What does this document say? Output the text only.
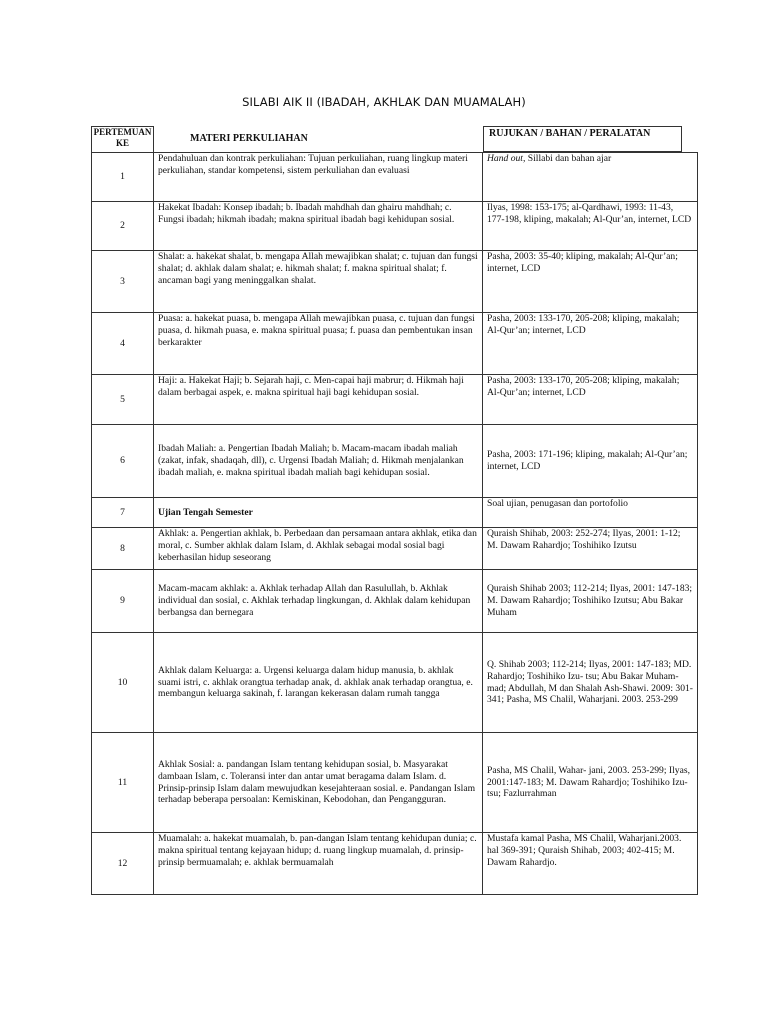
SILABI AIK II (IBADAH, AKHLAK DAN MUAMALAH)
PERTEMUAN KE	MATERI PERKULIAHAN	RUJUKAN / BAHAN / PERALATAN
1	Pendahuluan dan kontrak perkuliahan: Tujuan perkuliahan, ruang lingkup materi perkuliahan, standar kompetensi, sistem perkuliahan dan evaluasi	Hand out, Sillabi dan bahan ajar
2	Hakekat Ibadah: Konsep ibadah; b. Ibadah mahdhah dan ghairu mahdhah; c. Fungsi ibadah; hikmah ibadah; makna spiritual ibadah bagi kehidupan sosial.	Ilyas, 1998: 153-175; al-Qardhawi, 1993: 11-43, 177-198, kliping, makalah; Al-Qur’an, internet, LCD
3	Shalat: a. hakekat shalat, b. mengapa Allah mewajibkan shalat; c. tujuan dan fungsi shalat; d. akhlak dalam shalat; e. hikmah shalat; f. makna spiritual shalat; f. ancaman bagi yang meninggalkan shalat.	Pasha, 2003: 35-40; kliping, makalah; Al-Qur’an; internet, LCD
4	Puasa: a. hakekat puasa, b. mengapa Allah mewajibkan puasa, c. tujuan dan fungsi puasa, d. hikmah puasa, e. makna spiritual puasa; f. puasa dan pembentukan insan berkarakter	Pasha, 2003: 133-170, 205-208; kliping, makalah; Al-Qur’an; internet, LCD
5	Haji: a. Hakekat Haji; b. Sejarah haji, c. Men-capai haji mabrur; d. Hikmah haji dalam berbagai aspek, e. makna spiritual haji bagi kehidupan sosial.	Pasha, 2003: 133-170, 205-208; kliping, makalah; Al-Qur’an; internet, LCD
6	Ibadah Maliah: a. Pengertian Ibadah Maliah; b. Macam-macam ibadah maliah (zakat, infak, shadaqah, dll), c. Urgensi Ibadah Maliah; d. Hikmah menjalankan ibadah maliah, e. makna spiritual ibadah maliah bagi kehidupan sosial.	Pasha, 2003: 171-196; kliping, makalah; Al-Qur’an; internet, LCD
7	Ujian Tengah Semester	Soal ujian, penugasan dan portofolio
8	Akhlak: a. Pengertian akhlak, b. Perbedaan dan persamaan antara akhlak, etika dan moral, c. Sumber akhlak dalam Islam, d. Akhlak sebagai modal sosial bagi keberhasilan hidup seseorang	Quraish Shihab, 2003: 252-274; Ilyas, 2001: 1-12; M. Dawam Rahardjo; Toshihiko Izutsu
9	Macam-macam akhlak: a. Akhlak terhadap Allah dan Rasulullah, b. Akhlak individual dan sosial, c. Akhlak terhadap lingkungan, d. Akhlak dalam kehidupan berbangsa dan bernegara	Quraish Shihab 2003; 112-214; Ilyas, 2001: 147-183; M. Dawam Rahardjo; Toshihiko Izutsu; Abu Bakar Muham
10	Akhlak dalam Keluarga: a. Urgensi keluarga dalam hidup manusia, b. akhlak suami istri, c. akhlak orangtua terhadap anak, d. akhlak anak terhadap orangtua, e. membangun keluarga sakinah, f. larangan kekerasan dalam rumah tangga	Q. Shihab 2003; 112-214; Ilyas, 2001: 147-183; MD. Rahardjo; Toshihiko Izu- tsu; Abu Bakar Muham- mad; Abdullah, M dan Shalah Ash-Shawi. 2009: 301-341; Pasha, MS Chalil, Waharjani. 2003. 253-299
11	Akhlak Sosial: a. pandangan Islam tentang kehidupan sosial, b. Masyarakat dambaan Islam, c. Toleransi inter dan antar umat beragama dalam Islam. d. Prinsip-prinsip Islam dalam mewujudkan kesejahteraan sosial. e. Pandangan Islam terhadap beberapa persoalan: Kemiskinan, Kebodohan, dan Pengangguran.	Pasha, MS Chalil, Wahar- jani, 2003. 253-299; Ilyas, 2001:147-183; M. Dawam Rahardjo; Toshihiko Izu- tsu; Fazlurrahman
12	Muamalah: a. hakekat muamalah, b. pan-dangan Islam tentang kehidupan dunia; c. makna spiritual tentang kejayaan hidup; d. ruang lingkup muamalah, d. prinsip-prinsip bermuamalah; e. akhlak bermuamalah	Mustafa kamal Pasha, MS Chalil, Waharjani.2003. hal 369-391; Quraish Shihab, 2003; 402-415; M. Dawam Rahardjo.
